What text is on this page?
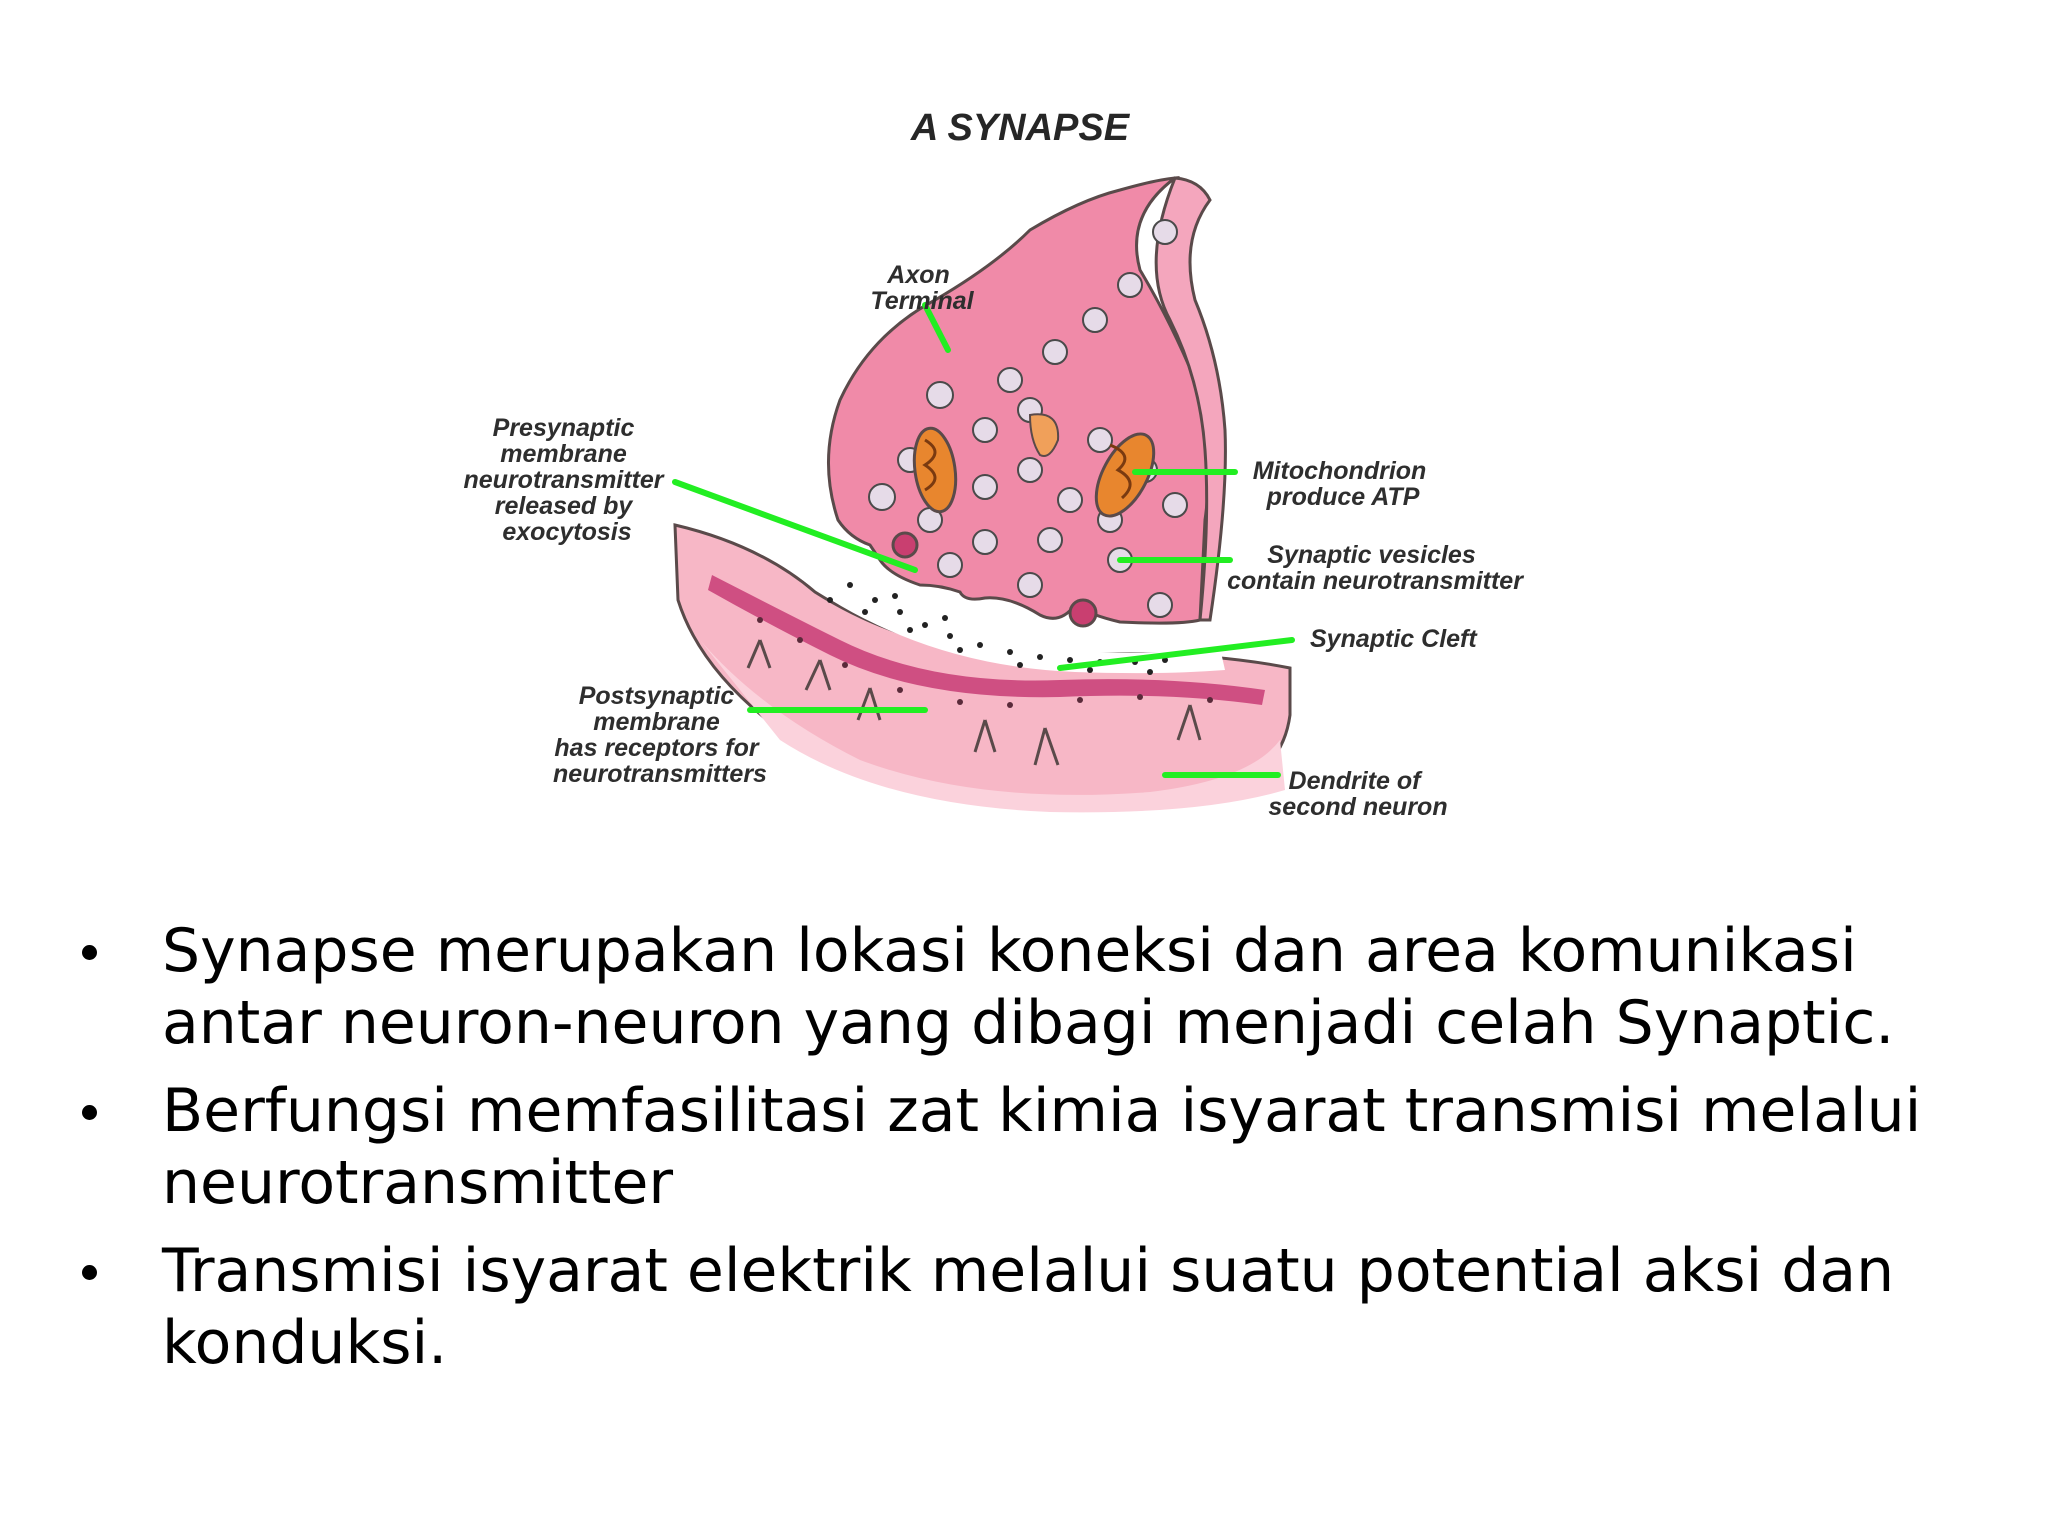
A SYNAPSE
Axon Terminal
Presynaptic membrane neurotransmitter released by exocytosis
Mitochondrion produce ATP
Synaptic vesicles contain neurotransmitter
Synaptic Cleft
Postsynaptic membrane has receptors for neurotransmitters	Dendrite of second neuron
Synapse merupakan lokasi koneksi dan area komunikasi
antar neuron-neuron yang dibagi menjadi celah Synaptic.
Berfungsi memfasilitasi zat kimia isyarat transmisi melalui
neurotransmitter
Transmisi isyarat elektrik melalui suatu potential aksi dan
konduksi.
